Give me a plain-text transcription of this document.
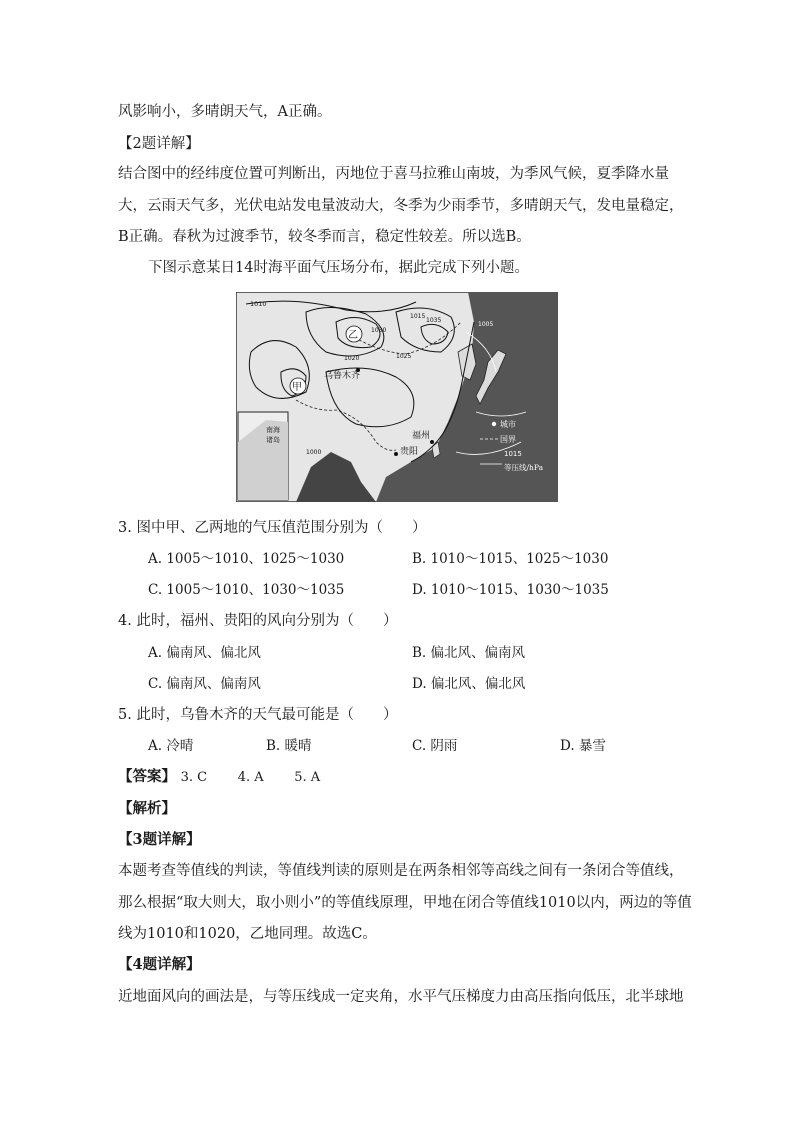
风影响小，多晴朗天气，A正确。
【2题详解】
结合图中的经纬度位置可判断出，丙地位于喜马拉雅山南坡，为季风气候，夏季降水量
大，云雨天气多，光伏电站发电量波动大，冬季为少雨季节，多晴朗天气，发电量稳定，
B正确。春秋为过渡季节，较冬季而言，稳定性较差。所以选B。
下图示意某日14时海平面气压场分布，据此完成下列小题。
1010
1015
1005
1030
1020	1025
1035
1000
甲
乙
乌鲁木齐
福州
贵阳
南海
诸岛
城市
国界
1015
等压线/hPa
3. 图中甲、乙两地的气压值范围分别为（　　）
A. 1005～1010、1025～1030	B. 1010～1015、1025～1030
C. 1005～1010、1030～1035	D. 1010～1015、1030～1035
4. 此时，福州、贵阳的风向分别为（　　）
A. 偏南风、偏北风	B. 偏北风、偏南风
C. 偏南风、偏南风	D. 偏北风、偏北风
5. 此时，乌鲁木齐的天气最可能是（　　）
A. 冷晴	B. 暖晴	C. 阴雨	D. 暴雪
【答案】 3. C 4. A 5. A
【解析】
【3题详解】
本题考查等值线的判读，等值线判读的原则是在两条相邻等高线之间有一条闭合等值线，
那么根据“取大则大，取小则小”的等值线原理，甲地在闭合等值线1010以内，两边的等值
线为1010和1020，乙地同理。故选C。
【4题详解】
近地面风向的画法是，与等压线成一定夹角，水平气压梯度力由高压指向低压，北半球地
